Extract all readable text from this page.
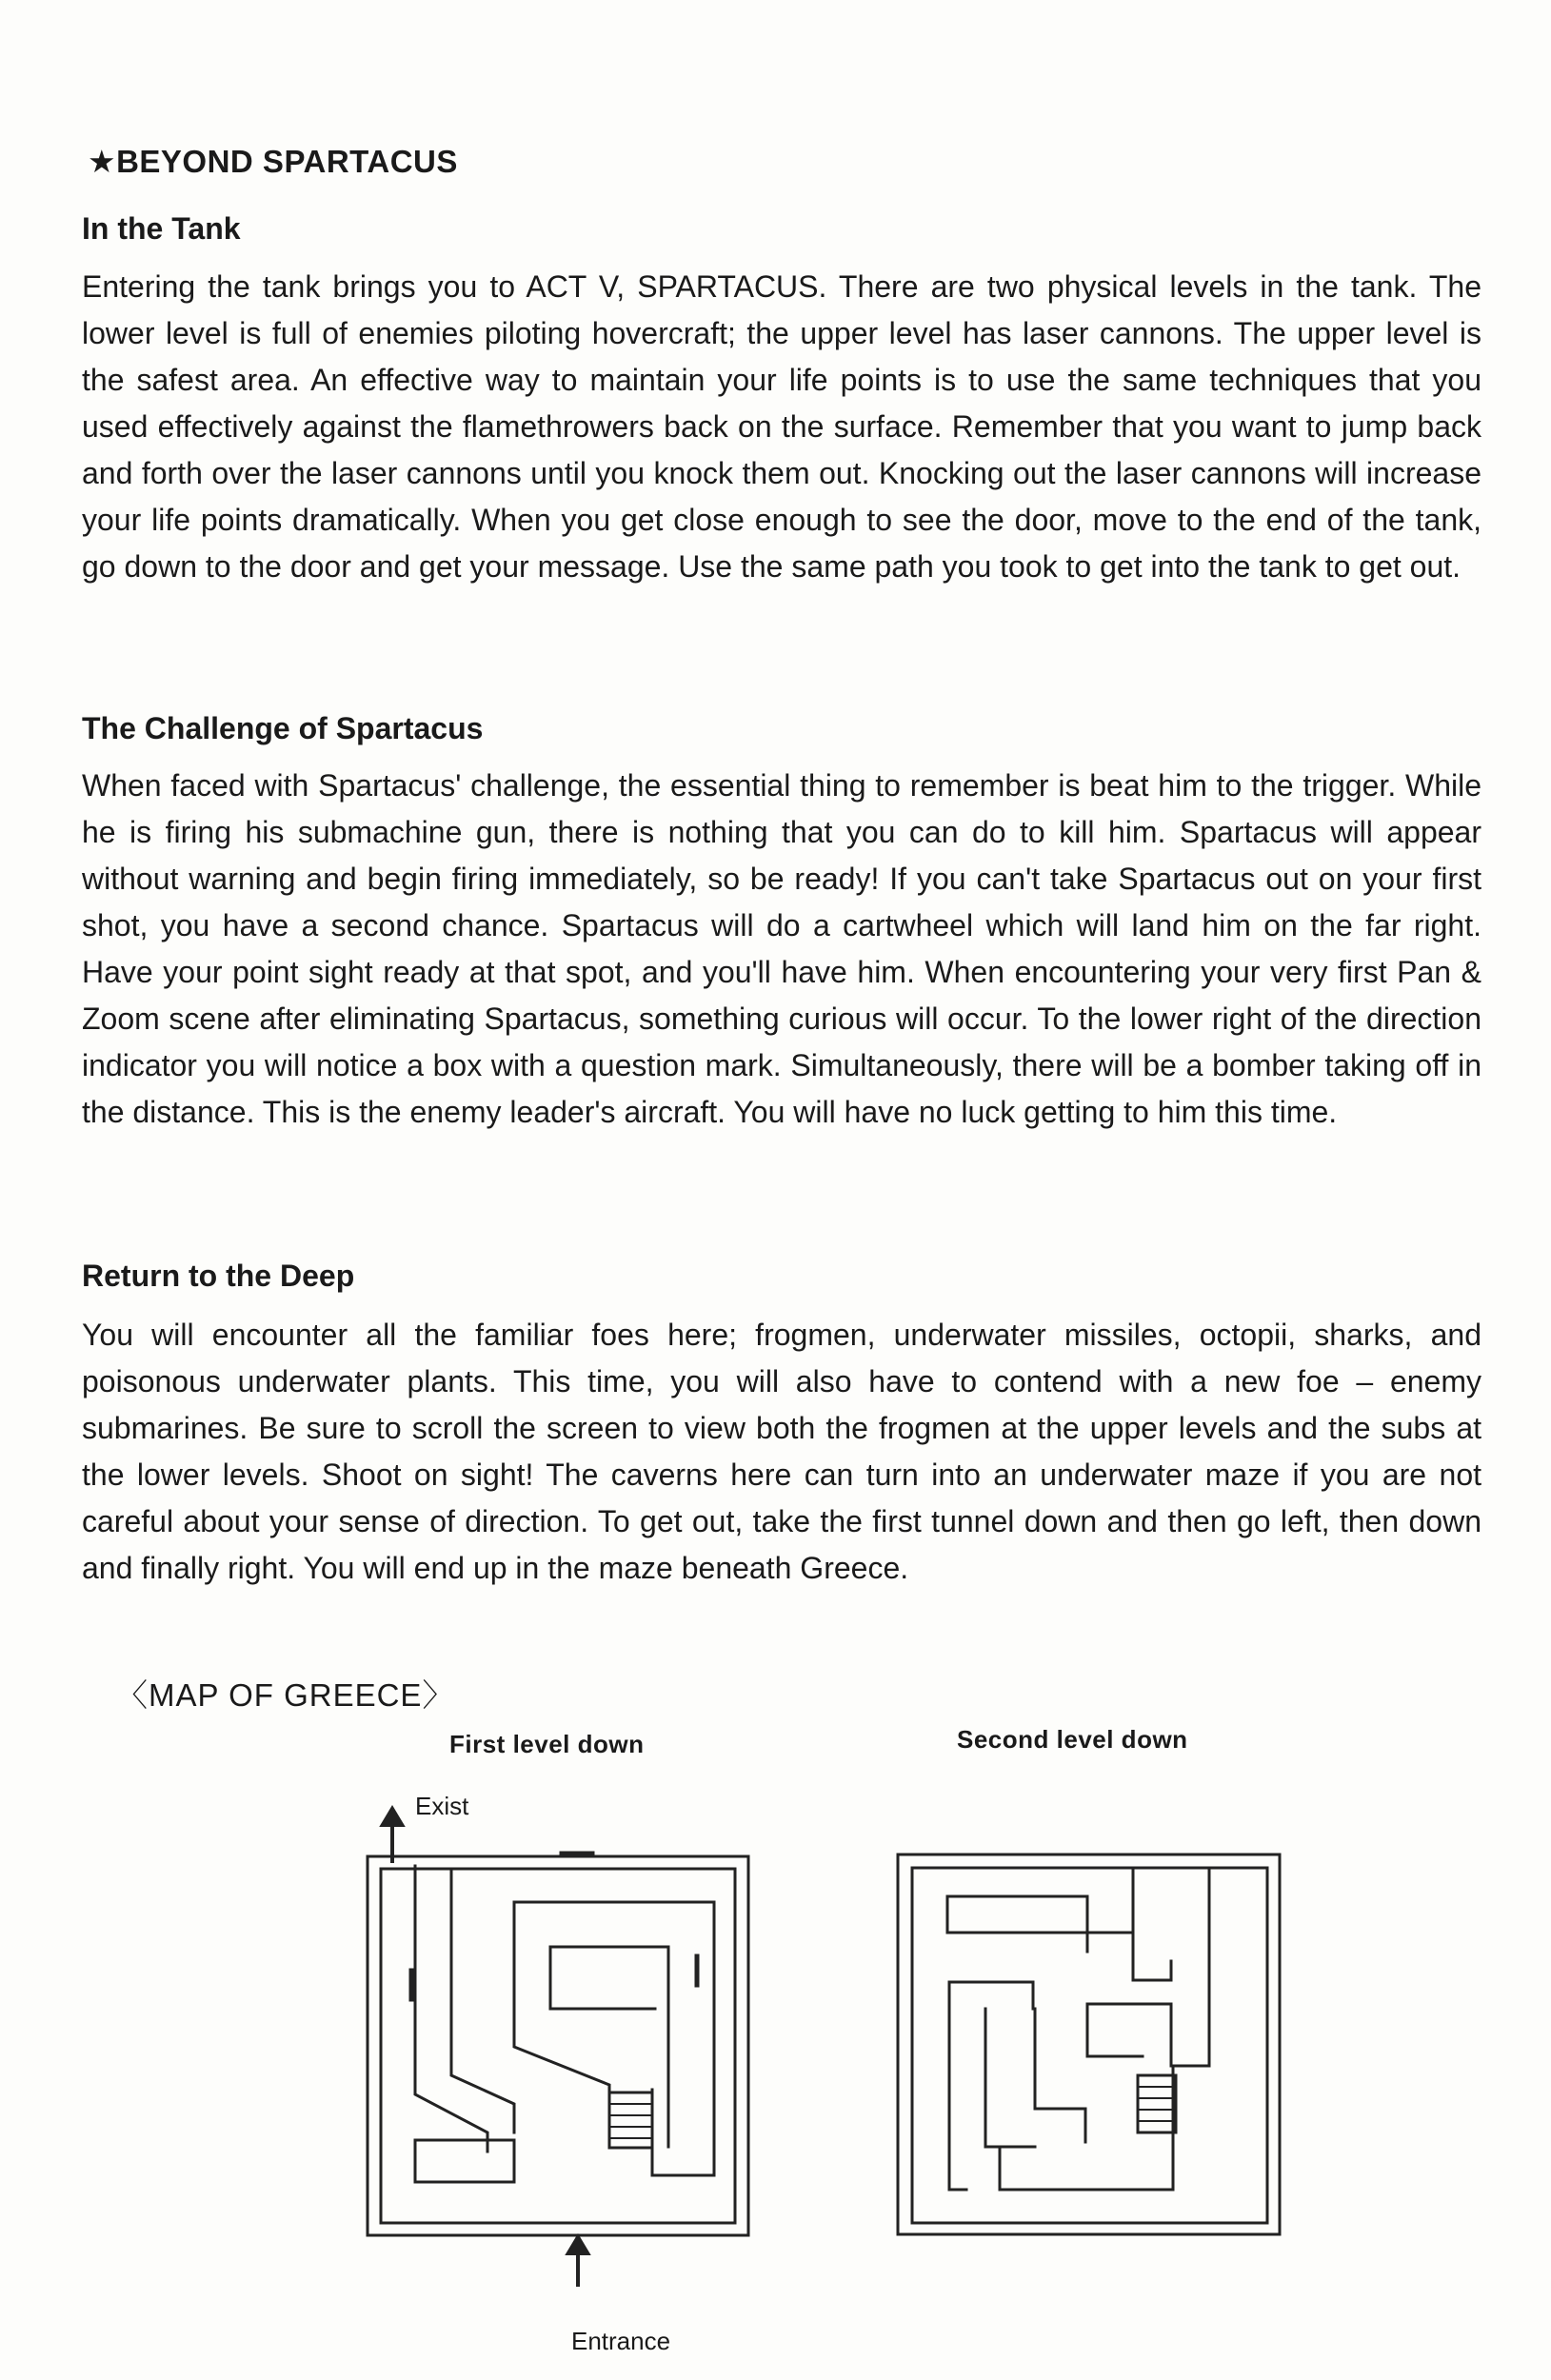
★BEYOND SPARTACUS
In the Tank

Entering the tank brings you to ACT V, SPARTACUS. There are two physical levels in the tank. The lower level is full of enemies piloting hovercraft; the upper level has laser cannons. The upper level is the safest area. An effective way to maintain your life points is to use the same techniques that you used effectively against the flamethrowers back on the surface. Remember that you want to jump back and forth over the laser cannons until you knock them out. Knocking out the laser cannons will increase your life points dramatically. When you get close enough to see the door, move to the end of the tank, go down to the door and get your message. Use the same path you took to get into the tank to get out.

The Challenge of Spartacus

When faced with Spartacus' challenge, the essential thing to remember is beat him to the trigger. While he is firing his submachine gun, there is nothing that you can do to kill him. Spartacus will appear without warning and begin firing immediately, so be ready! If you can't take Spartacus out on your first shot, you have a second chance. Spartacus will do a cartwheel which will land him on the far right. Have your point sight ready at that spot, and you'll have him. When encountering your very first Pan & Zoom scene after eliminating Spartacus, something curious will occur. To the lower right of the direction indicator you will notice a box with a question mark. Simultaneously, there will be a bomber taking off in the distance. This is the enemy leader's aircraft. You will have no luck getting to him this time.

Return to the Deep

You will encounter all the familiar foes here; frogmen, underwater missiles, octopii, sharks, and poisonous underwater plants. This time, you will also have to contend with a new foe – enemy submarines. Be sure to scroll the screen to view both the frogmen at the upper levels and the subs at the lower levels. Shoot on sight! The caverns here can turn into an underwater maze if you are not careful about your sense of direction. To get out, take the first tunnel down and then go left, then down and finally right. You will end up in the maze beneath Greece.

〈MAP OF GREECE〉
First level down	Second level down
Exist
Entrance
